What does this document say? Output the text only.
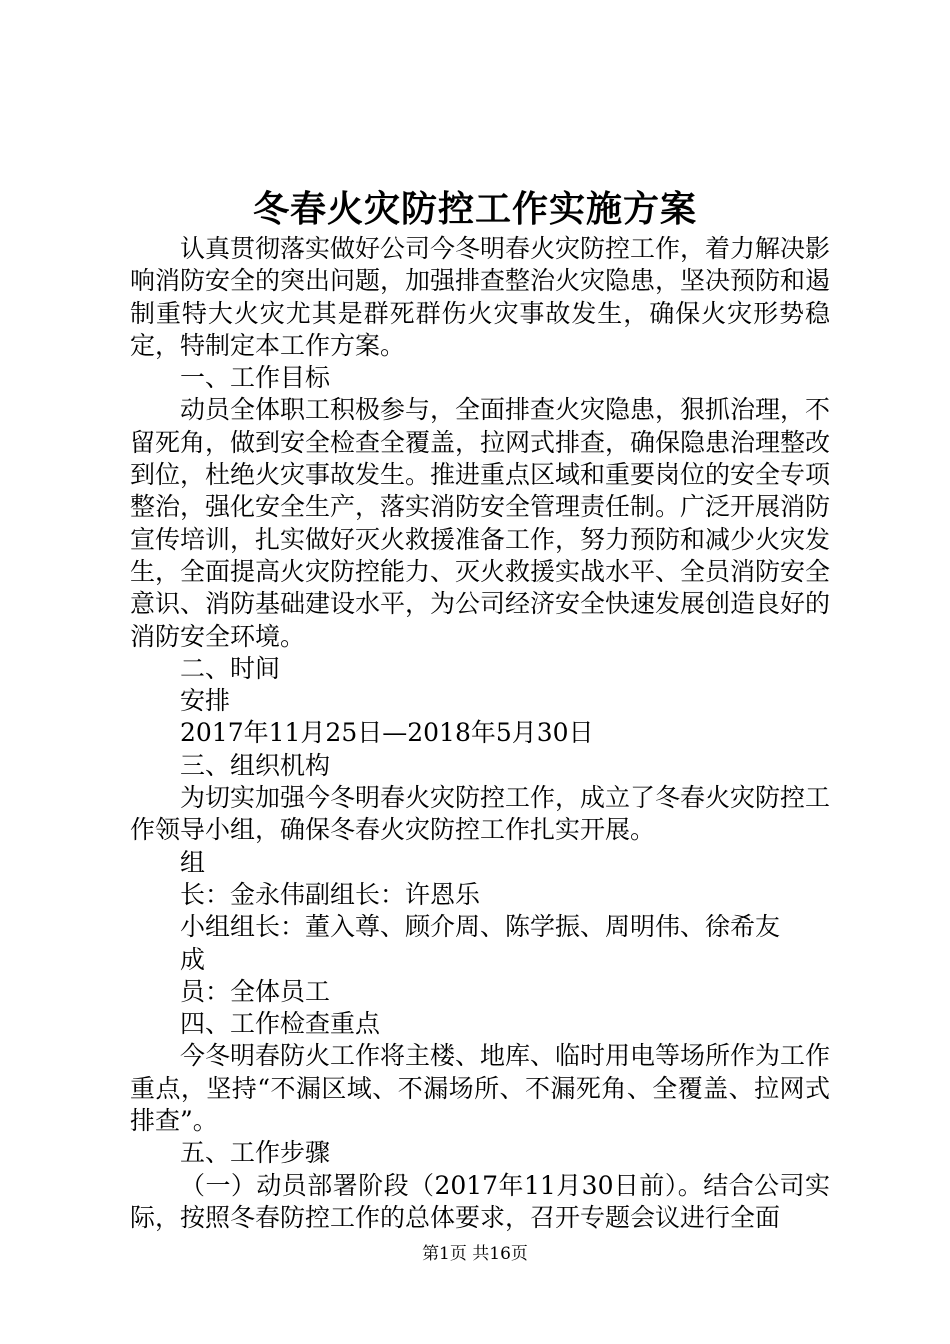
冬春火灾防控工作实施方案

认真贯彻落实做好公司今冬明春火灾防控工作，着力解决影响消防安全的突出问题，加强排查整治火灾隐患，坚决预防和遏制重特大火灾尤其是群死群伤火灾事故发生，确保火灾形势稳定，特制定本工作方案。

一、工作目标

动员全体职工积极参与，全面排查火灾隐患，狠抓治理，不留死角，做到安全检查全覆盖，拉网式排查，确保隐患治理整改到位，杜绝火灾事故发生。推进重点区域和重要岗位的安全专项整治，强化安全生产，落实消防安全管理责任制。广泛开展消防宣传培训，扎实做好灭火救援准备工作，努力预防和减少火灾发生，全面提高火灾防控能力、灭火救援实战水平、全员消防安全意识、消防基础建设水平，为公司经济安全快速发展创造良好的消防安全环境。

二、时间

安排

2017年11月25日—2018年5月30日

三、组织机构

为切实加强今冬明春火灾防控工作，成立了冬春火灾防控工作领导小组，确保冬春火灾防控工作扎实开展。

组

长：金永伟副组长：许恩乐

小组组长：董入尊、顾介周、陈学振、周明伟、徐希友

成

员：全体员工

四、工作检查重点

今冬明春防火工作将主楼、地库、临时用电等场所作为工作重点，坚持“不漏区域、不漏场所、不漏死角、全覆盖、拉网式排查”。

五、工作步骤

（一）动员部署阶段（2017年11月30日前）。结合公司实际，按照冬春防控工作的总体要求，召开专题会议进行全面

第1页 共16页
